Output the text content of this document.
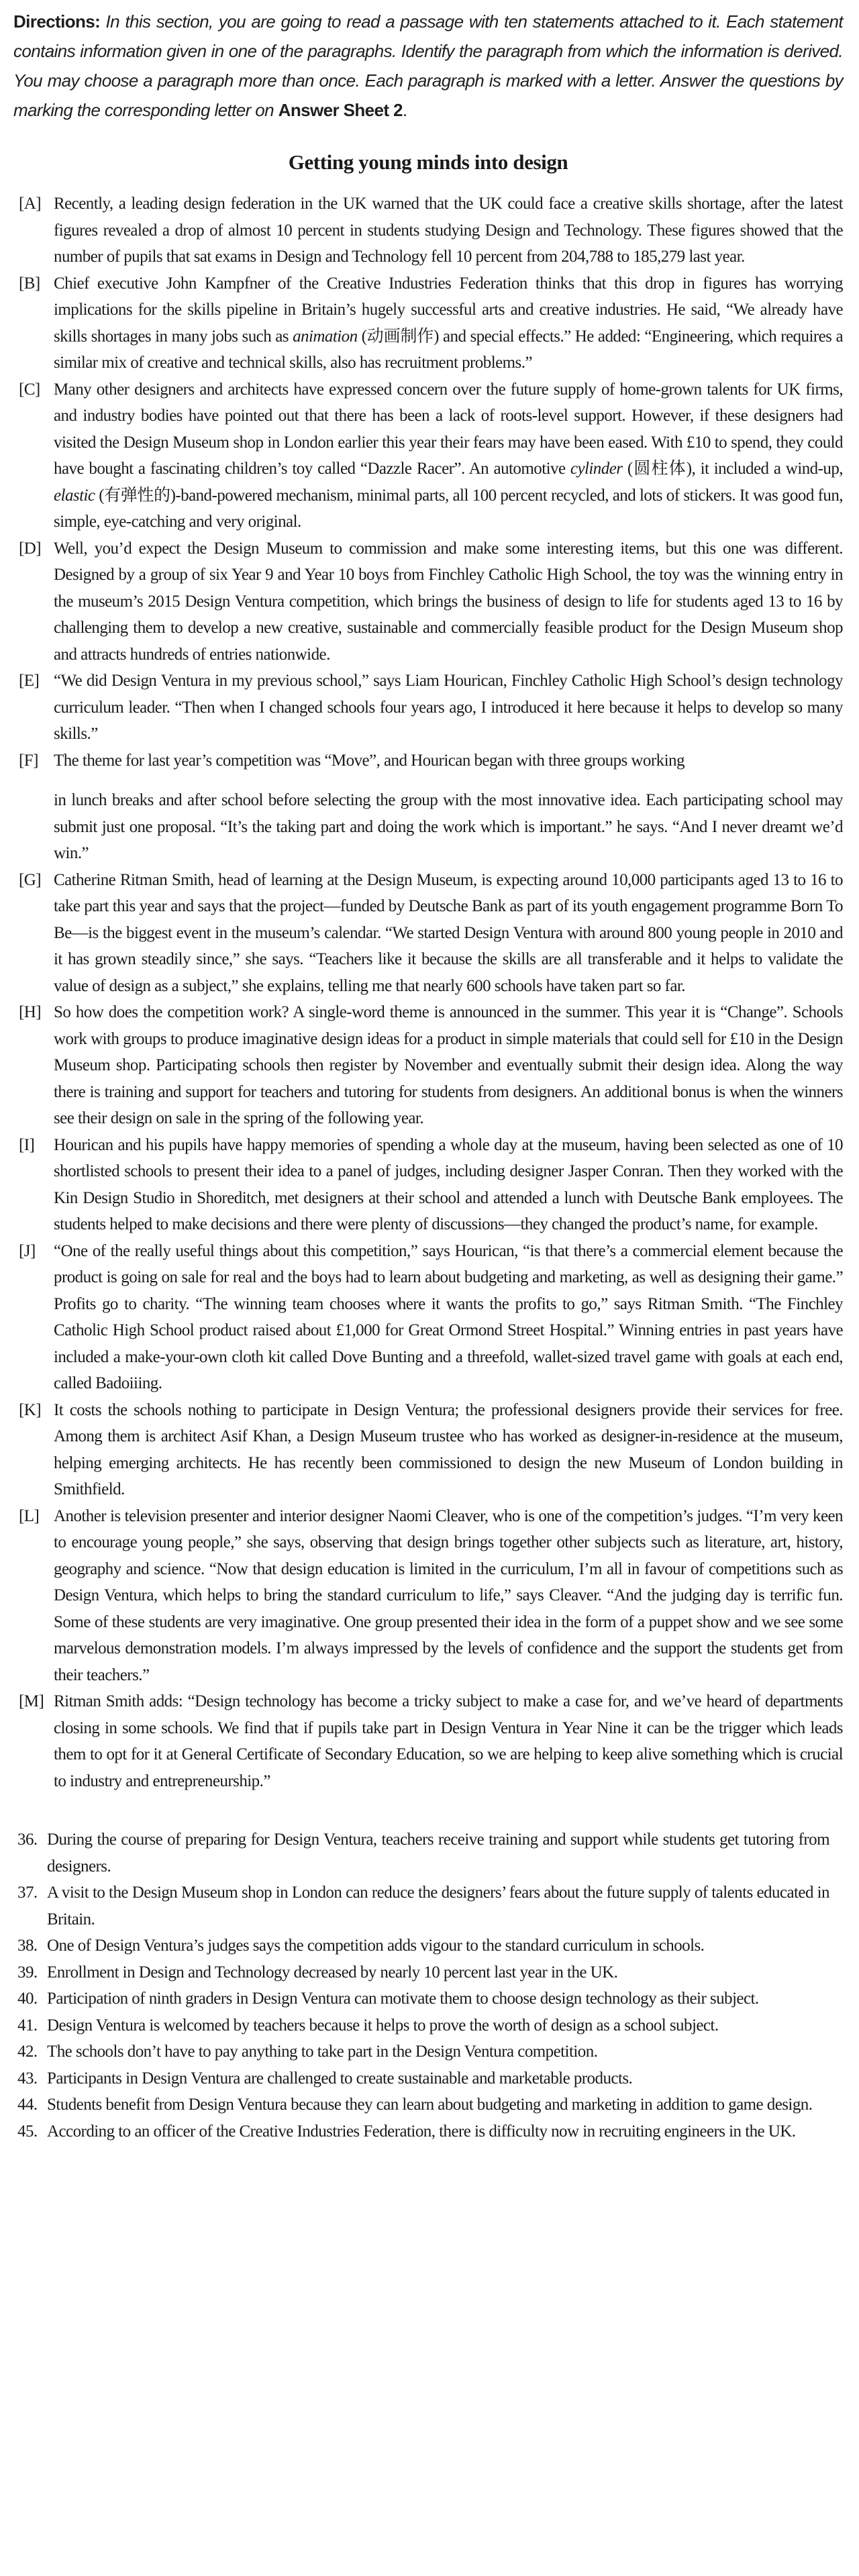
Directions: In this section, you are going to read a passage with ten statements attached to it. Each statement contains information given in one of the paragraphs. Identify the paragraph from which the information is derived. You may choose a paragraph more than once. Each paragraph is marked with a letter. Answer the questions by marking the corresponding letter on Answer Sheet 2.

Getting young minds into design
[A] Recently, a leading design federation in the UK warned that the UK could face a creative skills shortage, after the latest figures revealed a drop of almost 10 percent in students studying Design and Technology. These figures showed that the number of pupils that sat exams in Design and Technology fell 10 percent from 204,788 to 185,279 last year.
[B] Chief executive John Kampfner of the Creative Industries Federation thinks that this drop in figures has worrying implications for the skills pipeline in Britain’s hugely successful arts and creative industries. He said, “We already have skills shortages in many jobs such as animation (动画制作) and special effects.” He added: “Engineering, which requires a similar mix of creative and technical skills, also has recruitment problems.”
[C] Many other designers and architects have expressed concern over the future supply of home-grown talents for UK firms, and industry bodies have pointed out that there has been a lack of roots-level support. However, if these designers had visited the Design Museum shop in London earlier this year their fears may have been eased. With £10 to spend, they could have bought a fascinating children’s toy called “Dazzle Racer”. An automotive cylinder (圆柱体), it included a wind-up, elastic (有弹性的)-band-powered mechanism, minimal parts, all 100 percent recycled, and lots of stickers. It was good fun, simple, eye-catching and very original.
[D] Well, you’d expect the Design Museum to commission and make some interesting items, but this one was different. Designed by a group of six Year 9 and Year 10 boys from Finchley Catholic High School, the toy was the winning entry in the museum’s 2015 Design Ventura competition, which brings the business of design to life for students aged 13 to 16 by challenging them to develop a new creative, sustainable and commercially feasible product for the Design Museum shop and attracts hundreds of entries nationwide.
[E] “We did Design Ventura in my previous school,” says Liam Hourican, Finchley Catholic High School’s design technology curriculum leader. “Then when I changed schools four years ago, I introduced it here because it helps to develop so many skills.”
[F] The theme for last year’s competition was “Move”, and Hourican began with three groups working
in lunch breaks and after school before selecting the group with the most innovative idea. Each participating school may submit just one proposal. “It’s the taking part and doing the work which is important.” he says. “And I never dreamt we’d win.”
[G] Catherine Ritman Smith, head of learning at the Design Museum, is expecting around 10,000 participants aged 13 to 16 to take part this year and says that the project—funded by Deutsche Bank as part of its youth engagement programme Born To Be—is the biggest event in the museum’s calendar. “We started Design Ventura with around 800 young people in 2010 and it has grown steadily since,” she says. “Teachers like it because the skills are all transferable and it helps to validate the value of design as a subject,” she explains, telling me that nearly 600 schools have taken part so far.
[H] So how does the competition work? A single-word theme is announced in the summer. This year it is “Change”. Schools work with groups to produce imaginative design ideas for a product in simple materials that could sell for £10 in the Design Museum shop. Participating schools then register by November and eventually submit their design idea. Along the way there is training and support for teachers and tutoring for students from designers. An additional bonus is when the winners see their design on sale in the spring of the following year.
[I]	Hourican and his pupils have happy memories of spending a whole day at the museum, having been selected as one of 10 shortlisted schools to present their idea to a panel of judges, including designer Jasper Conran. Then they worked with the Kin Design Studio in Shoreditch, met designers at their school and attended a lunch with Deutsche Bank employees. The students helped to make decisions and there were plenty of discussions—they changed the product’s name, for example.
[J]	“One of the really useful things about this competition,” says Hourican, “is that there’s a commercial element because the product is going on sale for real and the boys had to learn about budgeting and marketing, as well as designing their game.” Profits go to charity. “The winning team chooses where it wants the profits to go,” says Ritman Smith. “The Finchley Catholic High School product raised about £1,000 for Great Ormond Street Hospital.” Winning entries in past years have included a make-your-own cloth kit called Dove Bunting and a threefold, wallet-sized travel game with goals at each end, called Badoiiing.
[K] It costs the schools nothing to participate in Design Ventura; the professional designers provide their services for free. Among them is architect Asif Khan, a Design Museum trustee who has worked as designer-in-residence at the museum, helping emerging architects. He has recently been commissioned to design the new Museum of London building in Smithfield.
[L] Another is television presenter and interior designer Naomi Cleaver, who is one of the competition’s judges. “I’m very keen to encourage young people,” she says, observing that design brings together other subjects such as literature, art, history, geography and science. “Now that design education is limited in the curriculum, I’m all in favour of competitions such as Design Ventura, which helps to bring the standard curriculum to life,” says Cleaver. “And the judging day is terrific fun. Some of these students are very imaginative. One group presented their idea in the form of a puppet show and we see some marvelous demonstration models. I’m always impressed by the levels of confidence and the support the students get from their teachers.”
[M] Ritman Smith adds: “Design technology has become a tricky subject to make a case for, and we’ve heard of departments closing in some schools. We find that if pupils take part in Design Ventura in Year Nine it can be the trigger which leads them to opt for it at General Certificate of Secondary Education, so we are helping to keep alive something which is crucial to industry and entrepreneurship.”
36. During the course of preparing for Design Ventura, teachers receive training and support while students get tutoring from designers.
37. A visit to the Design Museum shop in London can reduce the designers’ fears about the future supply of talents educated in Britain.
38. One of Design Ventura’s judges says the competition adds vigour to the standard curriculum in schools.
39. Enrollment in Design and Technology decreased by nearly 10 percent last year in the UK.
40. Participation of ninth graders in Design Ventura can motivate them to choose design technology as their subject.
41. Design Ventura is welcomed by teachers because it helps to prove the worth of design as a school subject.
42. The schools don’t have to pay anything to take part in the Design Ventura competition.
43. Participants in Design Ventura are challenged to create sustainable and marketable products.
44. Students benefit from Design Ventura because they can learn about budgeting and marketing in addition to game design.
45. According to an officer of the Creative Industries Federation, there is difficulty now in recruiting engineers in the UK.
